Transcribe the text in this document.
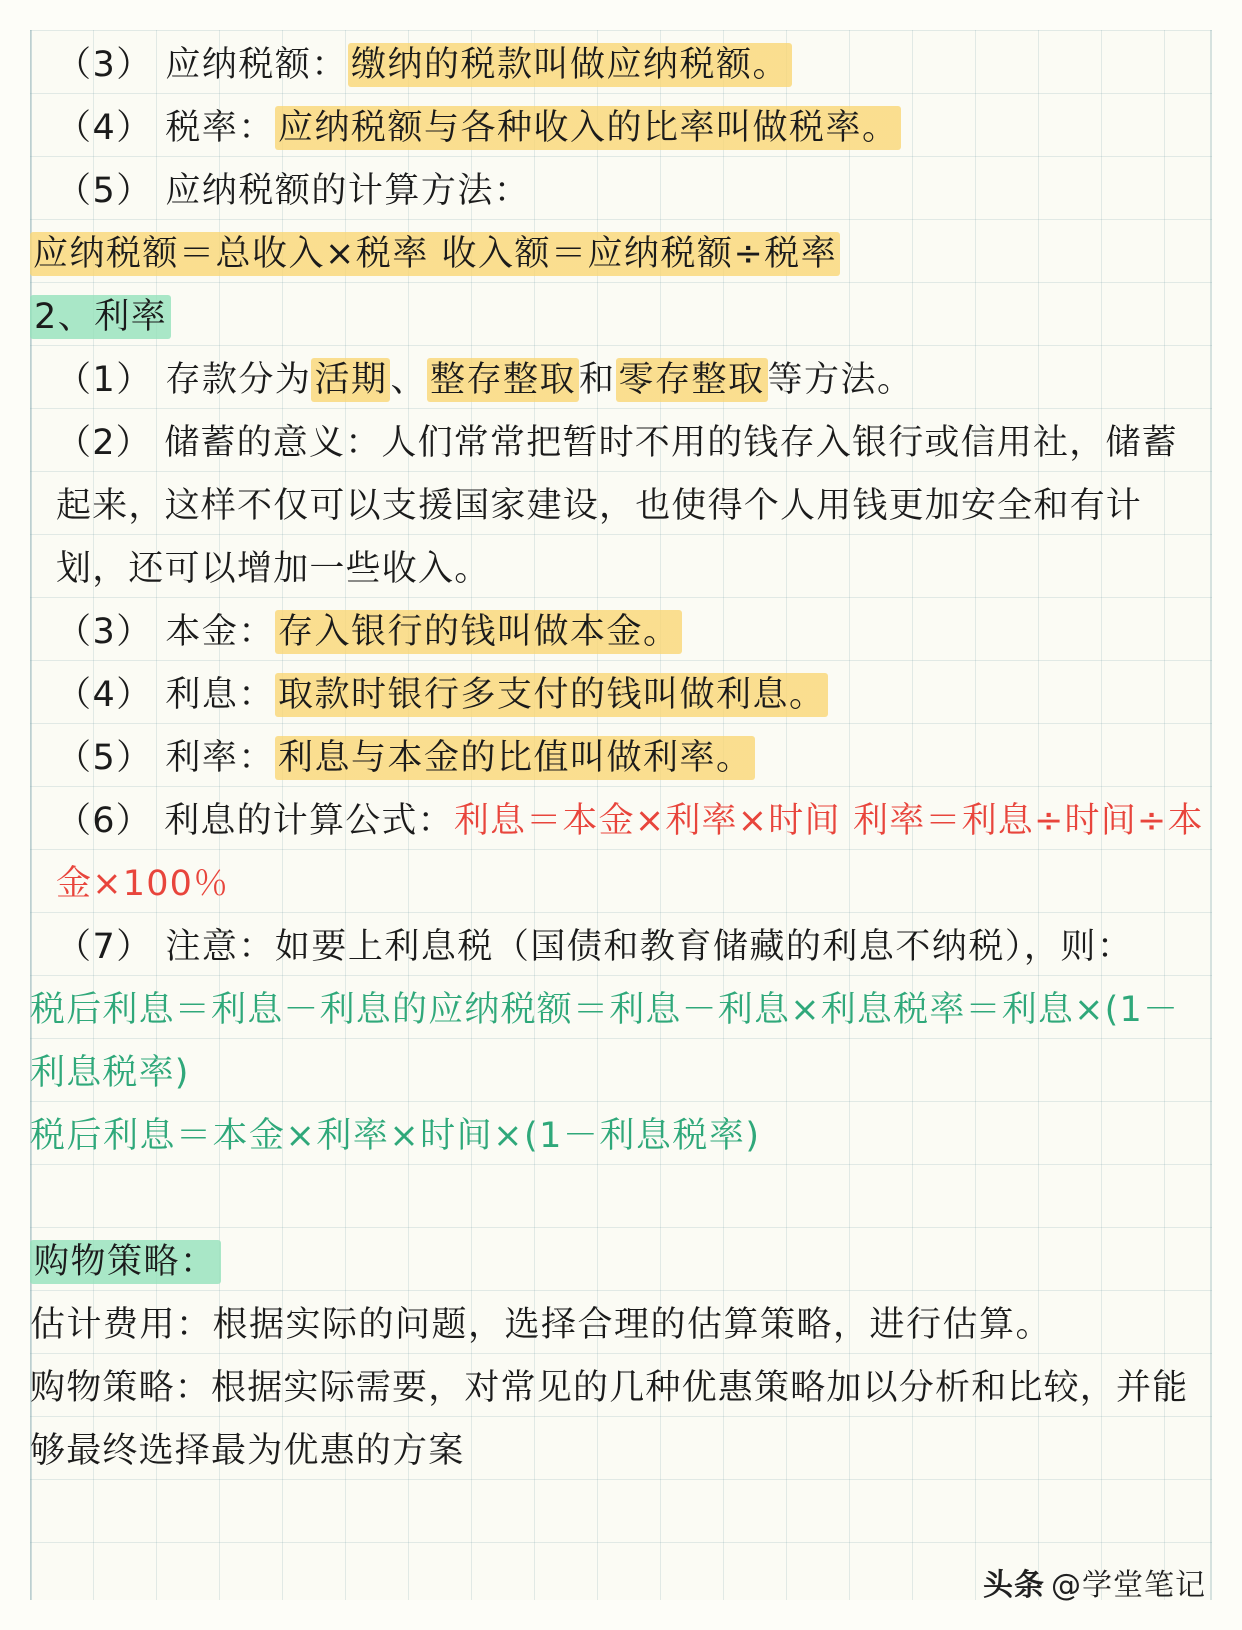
（3） 应纳税额：缴纳的税款叫做应纳税额。
（4） 税率：应纳税额与各种收入的比率叫做税率。
（5） 应纳税额的计算方法：
应纳税额＝总收入×税率 收入额＝应纳税额÷税率
2、利率
（1） 存款分为活期、整存整取和零存整取等方法。
（2） 储蓄的意义：人们常常把暂时不用的钱存入银行或信用社，储蓄起来，这样不仅可以支援国家建设，也使得个人用钱更加安全和有计划，还可以增加一些收入。
（3） 本金：存入银行的钱叫做本金。
（4） 利息：取款时银行多支付的钱叫做利息。
（5） 利率：利息与本金的比值叫做利率。
（6） 利息的计算公式：利息＝本金×利率×时间 利率＝利息÷时间÷本金×100％
（7） 注意：如要上利息税（国债和教育储藏的利息不纳税），则：
税后利息＝利息－利息的应纳税额＝利息－利息×利息税率＝利息×(1－利息税率)
税后利息＝本金×利率×时间×(1－利息税率)
购物策略：
估计费用：根据实际的问题，选择合理的估算策略，进行估算。
购物策略：根据实际需要，对常见的几种优惠策略加以分析和比较，并能够最终选择最为优惠的方案
头条 @学堂笔记
